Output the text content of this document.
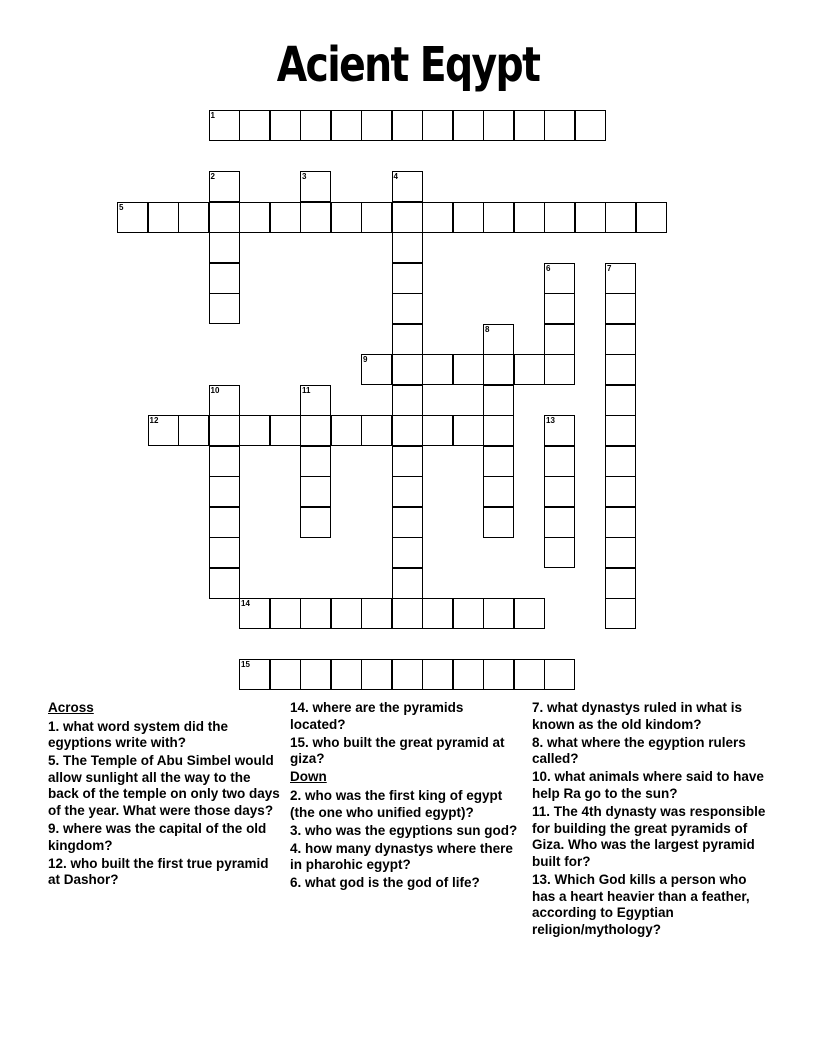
Acient Eqypt
1
5
9
12
14
15
2	3	4
6	7
8
10	11
13
Across
1. what word system did the egyptions write with?
5. The Temple of Abu Simbel would allow sunlight all the way to the back of the temple on only two days of the year. What were those days?
9. where was the capital of the old kingdom?
12. who built the first true pyramid at Dashor?
14. where are the pyramids located?
15. who built the great pyramid at giza?
Down
2. who was the first king of egypt (the one who unified egypt)?
3. who was the egyptions sun god?
4. how many dynastys where there in pharohic egypt?
6. what god is the god of life?
7. what dynastys ruled in what is known as the old kindom?
8. what where the egyption rulers called?
10. what animals where said to have help Ra go to the sun?
11. The 4th dynasty was responsible for building the great pyramids of Giza. Who was the largest pyramid built for?
13. Which God kills a person who has a heart heavier than a feather, according to Egyptian religion/mythology?
